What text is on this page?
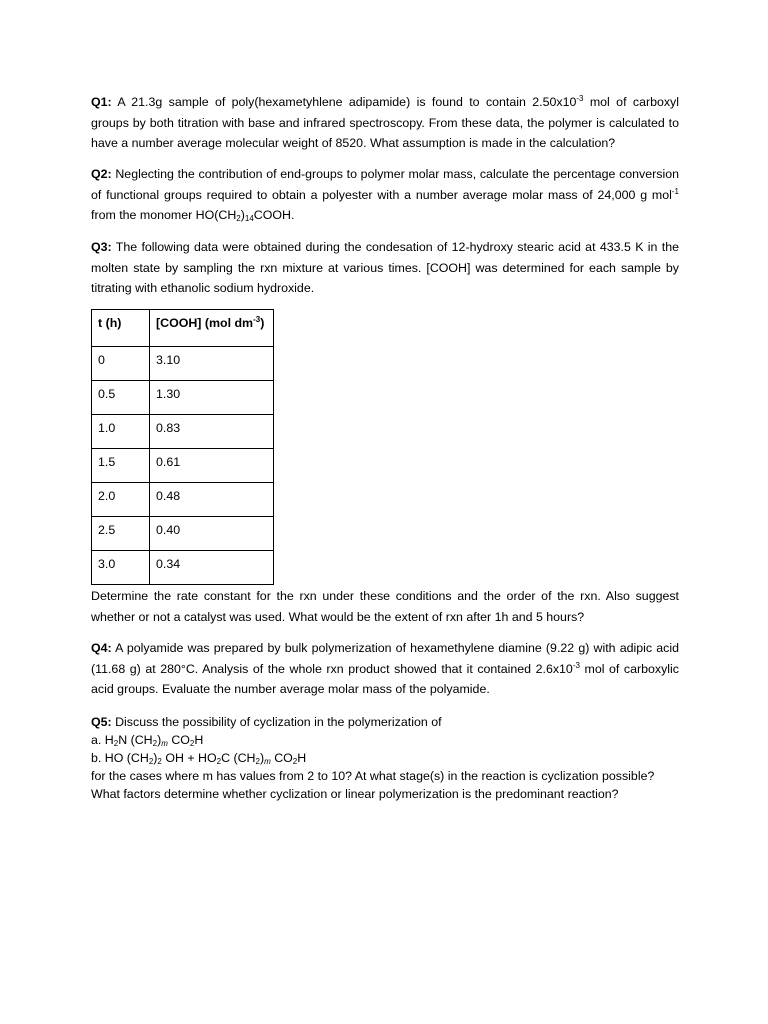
Q1: A 21.3g sample of poly(hexametyhlene adipamide) is found to contain $2.50x10^{-3}$ mol of carboxyl groups by both titration with base and infrared spectroscopy. From these data, the polymer is calculated to have a number average molecular weight of 8520. What assumption is made in the calculation?

Q2: Neglecting the contribution of end-groups to polymer molar mass, calculate the percentage conversion of functional groups required to obtain a polyester with a number average molar mass of 24,000 g mol$^{-1}$ from the monomer $HO(CH_2)_{14}COOH$.

Q3: The following data were obtained during the condesation of 12-hydroxy stearic acid at 433.5 K in the molten state by sampling the rxn mixture at various times. [COOH] was determined for each sample by titrating with ethanolic sodium hydroxide.

t (h)	[COOH] (mol $dm^{-3}$)
0	3.10
0.5	1.30
1.0	0.83
1.5	0.61
2.0	0.48
2.5	0.40
3.0	0.34

Determine the rate constant for the rxn under these conditions and the order of the rxn. Also suggest whether or not a catalyst was used. What would be the extent of rxn after 1h and 5 hours?

Q4: A polyamide was prepared by bulk polymerization of hexamethylene diamine (9.22 g) with adipic acid (11.68 g) at 280°C. Analysis of the whole rxn product showed that it contained $2.6x10^{-3}$ mol of carboxylic acid groups. Evaluate the number average molar mass of the polyamide.

Q5: Discuss the possibility of cyclization in the polymerization of
a. $H_2N$ $(CH_2)_m$ $CO_2H$
b. HO $(CH_2)_2$ OH + $HO_2C$ $(CH_2)_m$ $CO_2H$
for the cases where m has values from 2 to 10? At what stage(s) in the reaction is cyclization possible?
What factors determine whether cyclization or linear polymerization is the predominant reaction?
